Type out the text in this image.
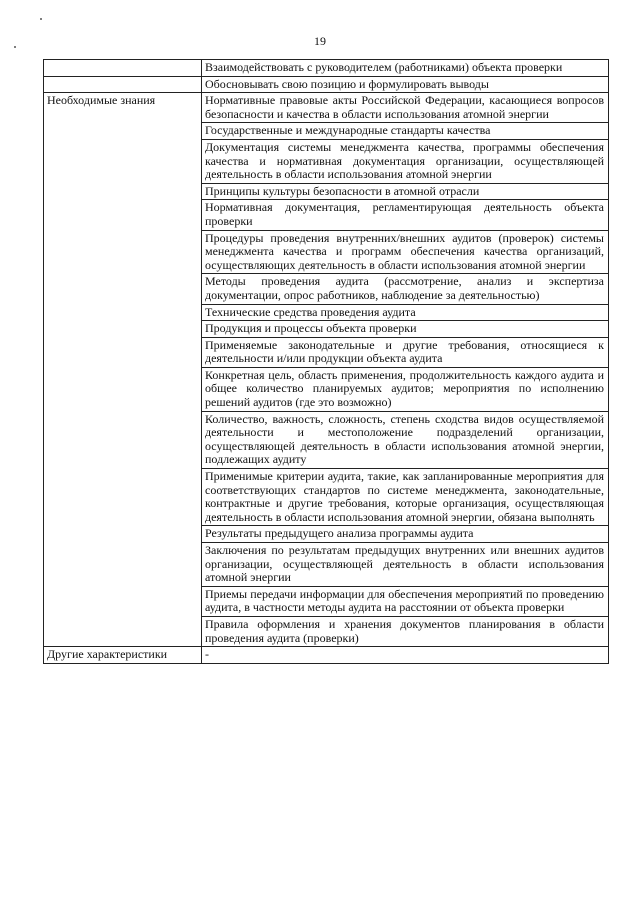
19
	Взаимодействовать с руководителем (работниками) объекта проверки
	Обосновывать свою позицию и формулировать выводы
Необходимые знания	Нормативные правовые акты Российской Федерации, касающиеся вопросов безопасности и качества в области использования атомной энергии
	Государственные и международные стандарты качества
	Документация системы менеджмента качества, программы обеспечения качества и нормативная документация организации, осуществляющей деятельность в области использования атомной энергии
	Принципы культуры безопасности в атомной отрасли
	Нормативная документация, регламентирующая деятельность объекта проверки
	Процедуры проведения внутренних/внешних аудитов (проверок) системы менеджмента качества и программ обеспечения качества организаций, осуществляющих деятельность в области использования атомной энергии
	Методы проведения аудита (рассмотрение, анализ и экспертиза документации, опрос работников, наблюдение за деятельностью)
	Технические средства проведения аудита
	Продукция и процессы объекта проверки
	Применяемые законодательные и другие требования, относящиеся к деятельности и/или продукции объекта аудита
	Конкретная цель, область применения, продолжительность каждого аудита и общее количество планируемых аудитов; мероприятия по исполнению решений аудитов (где это возможно)
	Количество, важность, сложность, степень сходства видов осуществляемой деятельности и местоположение подразделений организации, осуществляющей деятельность в области использования атомной энергии, подлежащих аудиту
	Применимые критерии аудита, такие, как запланированные мероприятия для соответствующих стандартов по системе менеджмента, законодательные, контрактные и другие требования, которые организация, осуществляющая деятельность в области использования атомной энергии, обязана выполнять
	Результаты предыдущего анализа программы аудита
	Заключения по результатам предыдущих внутренних или внешних аудитов организации, осуществляющей деятельность в области использования атомной энергии
	Приемы передачи информации для обеспечения мероприятий по проведению аудита, в частности методы аудита на расстоянии от объекта проверки
	Правила оформления и хранения документов планирования в области проведения аудита (проверки)
Другие характеристики	-
